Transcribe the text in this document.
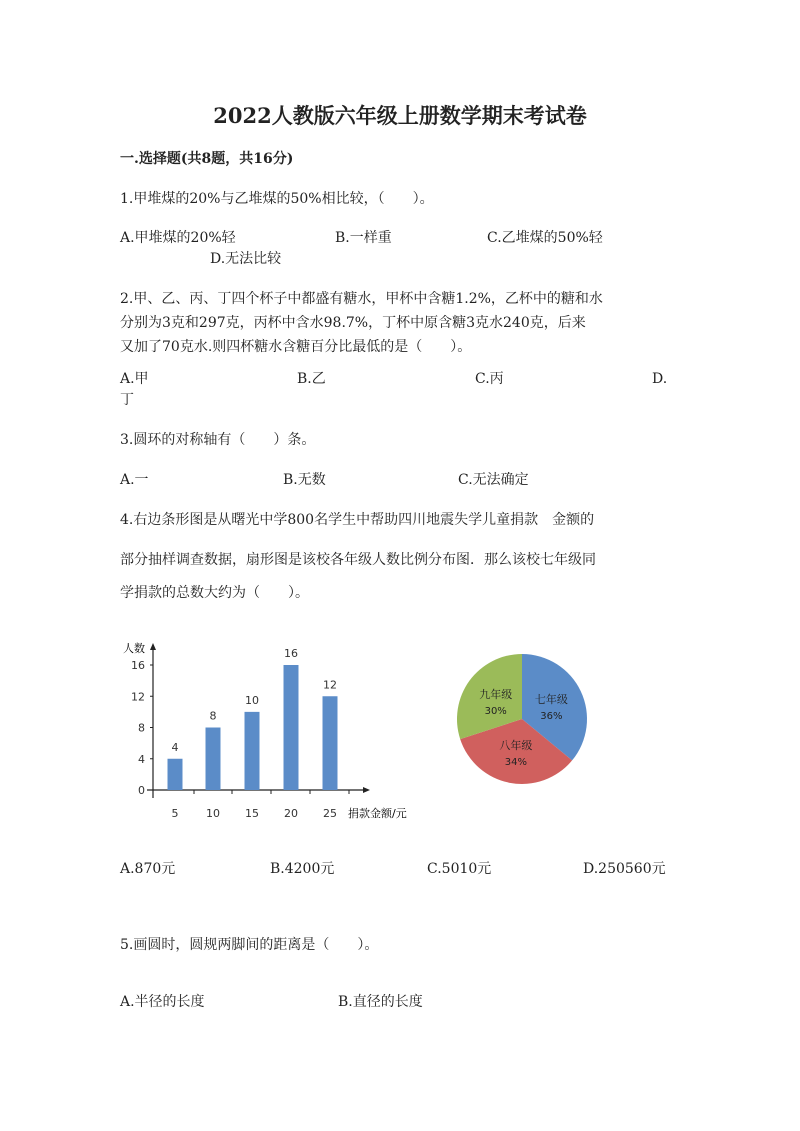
2022人教版六年级上册数学期末考试卷
一.选择题(共8题，共16分)
1.甲堆煤的20%与乙堆煤的50%相比较，（　　）。
A.甲堆煤的20%轻	B.一样重	C.乙堆煤的50%轻
D.无法比较
2.甲、乙、丙、丁四个杯子中都盛有糖水，甲杯中含糖1.2%，乙杯中的糖和水
分别为3克和297克，丙杯中含水98.7%，丁杯中原含糖3克水240克，后来
又加了70克水.则四杯糖水含糖百分比最低的是（　　）。
A.甲	B.乙	C.丙	D.
丁
3.圆环的对称轴有（　　）条。
A.一	B.无数	C.无法确定
4.右边条形图是从曙光中学800名学生中帮助四川地震失学儿童捐款　金额的
部分抽样调查数据，扇形图是该校各年级人数比例分布图．那么该校七年级同
学捐款的总数大约为（　　）。
人数
捐款金额/元
0
4
8
12
16
4
5
8
10
10
15
16
20
12
25
七年级
36%
八年级
34%
九年级
30%
A.870元	B.4200元	C.5010元	D.250560元
5.画圆时，圆规两脚间的距离是（　　）。
A.半径的长度	B.直径的长度
